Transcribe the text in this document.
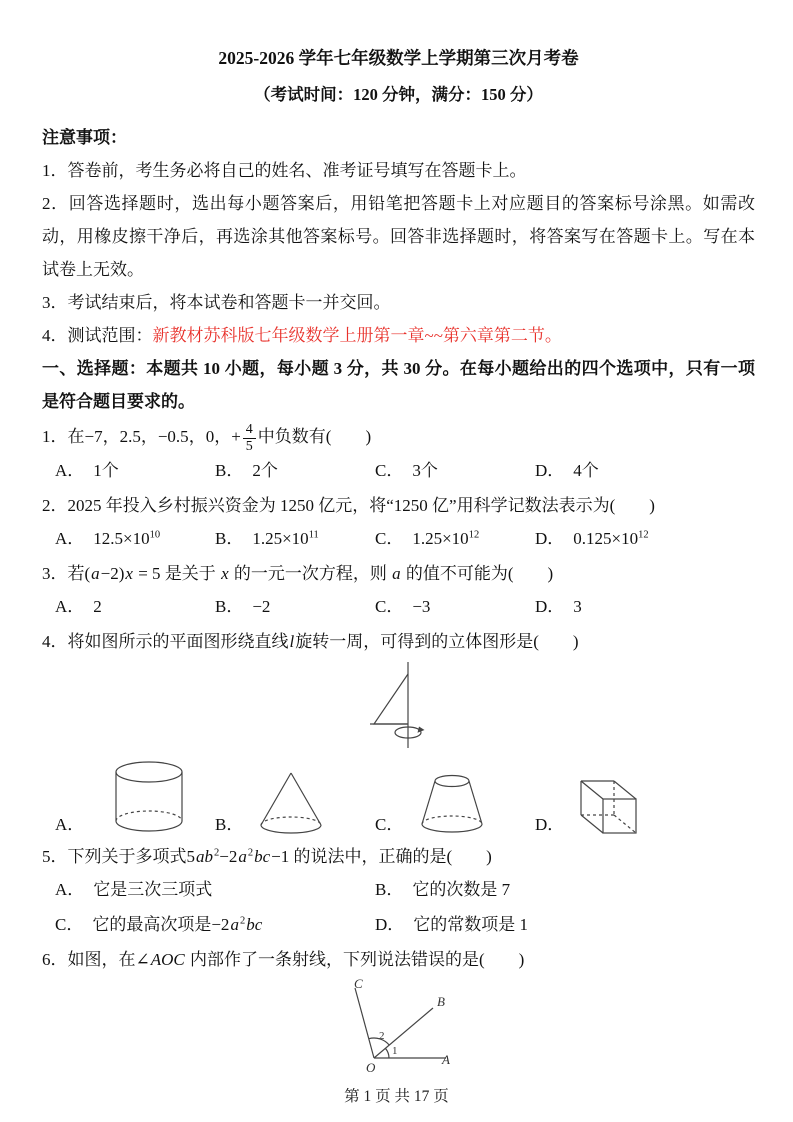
2025-2026 学年七年级数学上学期第三次月考卷
（考试时间：120 分钟，满分：150 分）
注意事项：
1．答卷前，考生务必将自己的姓名、准考证号填写在答题卡上。
2．回答选择题时，选出每小题答案后，用铅笔把答题卡上对应题目的答案标号涂黑。如需改动，用橡皮擦干净后，再选涂其他答案标号。回答非选择题时，将答案写在答题卡上。写在本试卷上无效。
3．考试结束后，将本试卷和答题卡一并交回。
4．测试范围：新教材苏科版七年级数学上册第一章~~第六章第二节。
一、选择题：本题共 10 小题，每小题 3 分，共 30 分。在每小题给出的四个选项中，只有一项是符合题目要求的。
1．在−7，2.5，−0.5，0，+ $\frac{4}{5}$ 中负数有(　　)
A． 1个	B． 2个	C． 3个	D． 4个
2．2025 年投入乡村振兴资金为 1250 亿元，将“1250 亿”用科学记数法表示为(　　)
A． $12.5\times 10^{10}$	B． $1.25\times 10^{11}$	C． $1.25\times 10^{12}$	D． $0.125\times 10^{12}$
3．若(a−2)x = 5 是关于 x 的一元一次方程，则 a 的值不可能为(　　)
A． 2	B． −2	C． −3	D． 3
4．将如图所示的平面图形绕直线l旋转一周，可得到的立体图形是(　　)
A．	B．	C．	D．
5．下列关于多项式$5ab^2-2a^2bc-1$ 的说法中，正确的是(　　)
A． 它是三次三项式	B． 它的次数是 7
C． 它的最高次项是$-2a^2bc$	D． 它的常数项是 1
6．如图，在∠AOC 内部作了一条射线，下列说法错误的是(　　)
O
A
B
C
1
2
第 1 页 共 17 页
